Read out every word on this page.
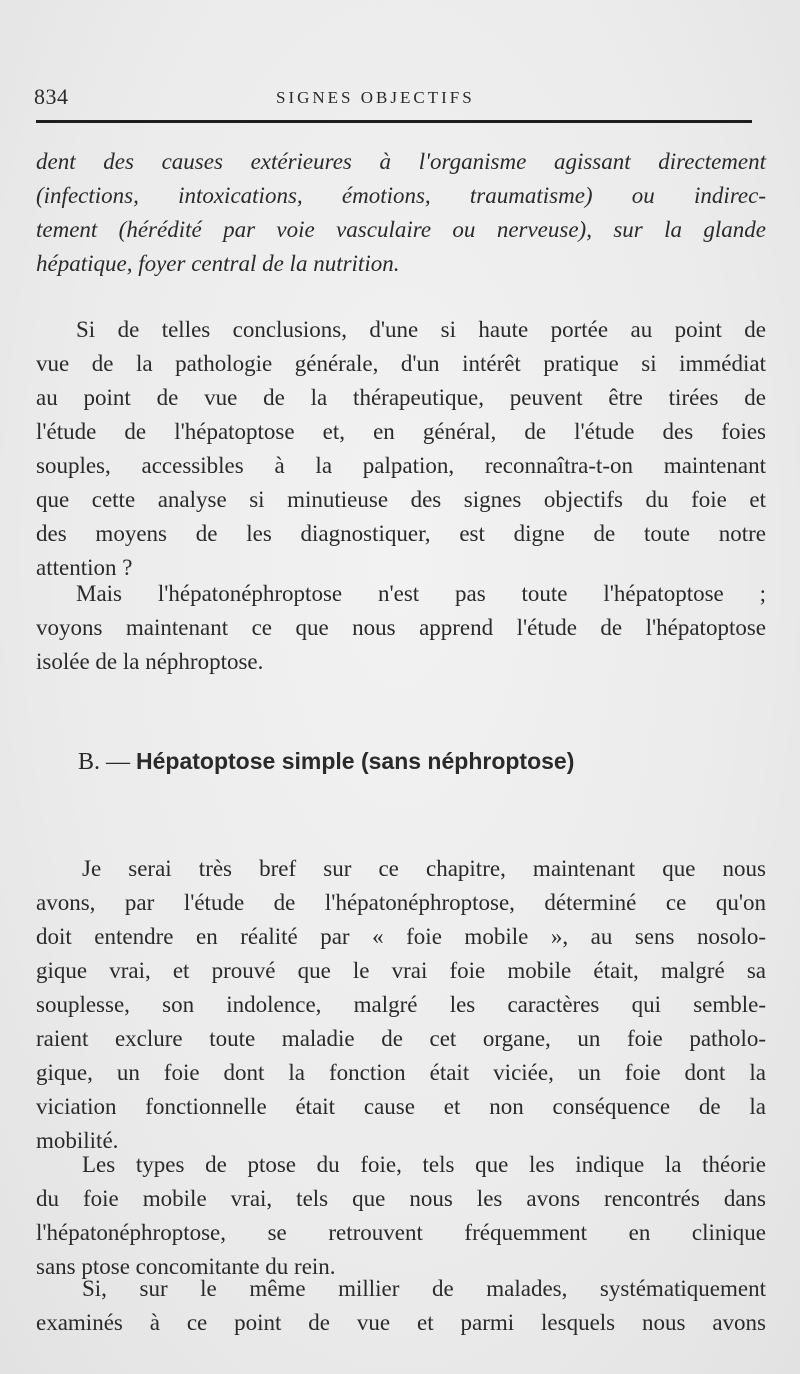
834	SIGNES OBJECTIFS

dent des causes extérieures à l'organisme agissant directement
(infections, intoxications, émotions, traumatisme) ou indirec-
tement (hérédité par voie vasculaire ou nerveuse), sur la glande
hépatique, foyer central de la nutrition.

Si de telles conclusions, d'une si haute portée au point de
vue de la pathologie générale, d'un intérêt pratique si immédiat
au point de vue de la thérapeutique, peuvent être tirées de
l'étude de l'hépatoptose et, en général, de l'étude des foies
souples, accessibles à la palpation, reconnaîtra-t-on maintenant
que cette analyse si minutieuse des signes objectifs du foie et
des moyens de les diagnostiquer, est digne de toute notre
attention ?

Mais l'hépatonéphroptose n'est pas toute l'hépatoptose ;
voyons maintenant ce que nous apprend l'étude de l'hépatoptose
isolée de la néphroptose.

B. — Hépatoptose simple (sans néphroptose)

Je serai très bref sur ce chapitre, maintenant que nous
avons, par l'étude de l'hépatonéphroptose, déterminé ce qu'on
doit entendre en réalité par « foie mobile », au sens nosolo-
gique vrai, et prouvé que le vrai foie mobile était, malgré sa
souplesse, son indolence, malgré les caractères qui semble-
raient exclure toute maladie de cet organe, un foie patholo-
gique, un foie dont la fonction était viciée, un foie dont la
viciation fonctionnelle était cause et non conséquence de la
mobilité.

Les types de ptose du foie, tels que les indique la théorie
du foie mobile vrai, tels que nous les avons rencontrés dans
l'hépatonéphroptose, se retrouvent fréquemment en clinique
sans ptose concomitante du rein.

Si, sur le même millier de malades, systématiquement
examinés à ce point de vue et parmi lesquels nous avons
